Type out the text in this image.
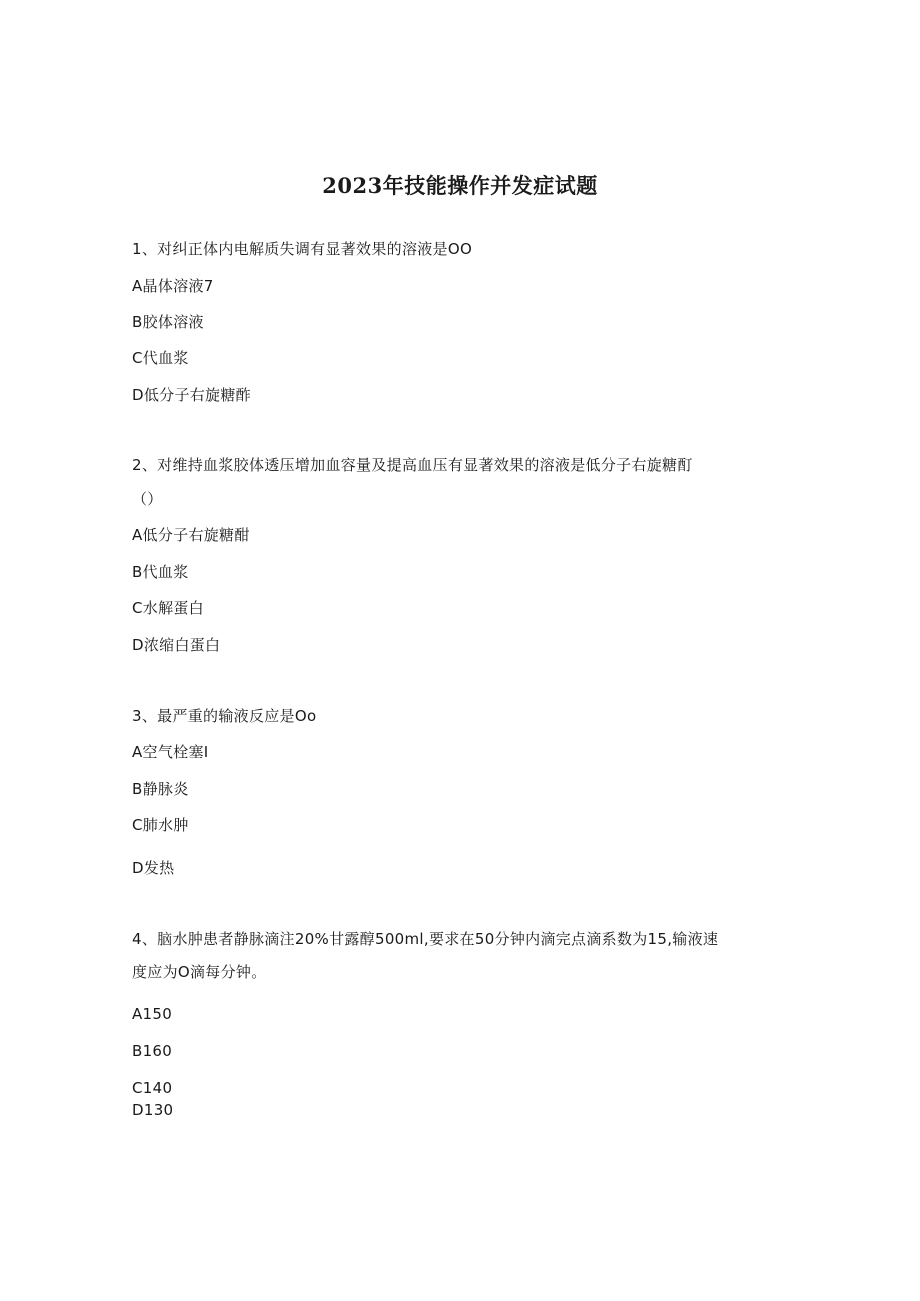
2023年技能操作并发症试题
1、对纠正体内电解质失调有显著效果的溶液是OO
A晶体溶液7
B胶体溶液
C代血浆
D低分子右旋糖酢
2、对维持血浆胶体透压增加血容量及提高血压有显著效果的溶液是低分子右旋糖酊
（）
A低分子右旋糖酣
B代血浆
C水解蛋白
D浓缩白蛋白
3、最严重的输液反应是Oo
A空气栓塞I
B静脉炎
C肺水肿
D发热
4、脑水肿患者静脉滴注20%甘露醇500ml,要求在50分钟内滴完点滴系数为15,输液速
度应为O滴每分钟。
A150
B160
C140
D130
